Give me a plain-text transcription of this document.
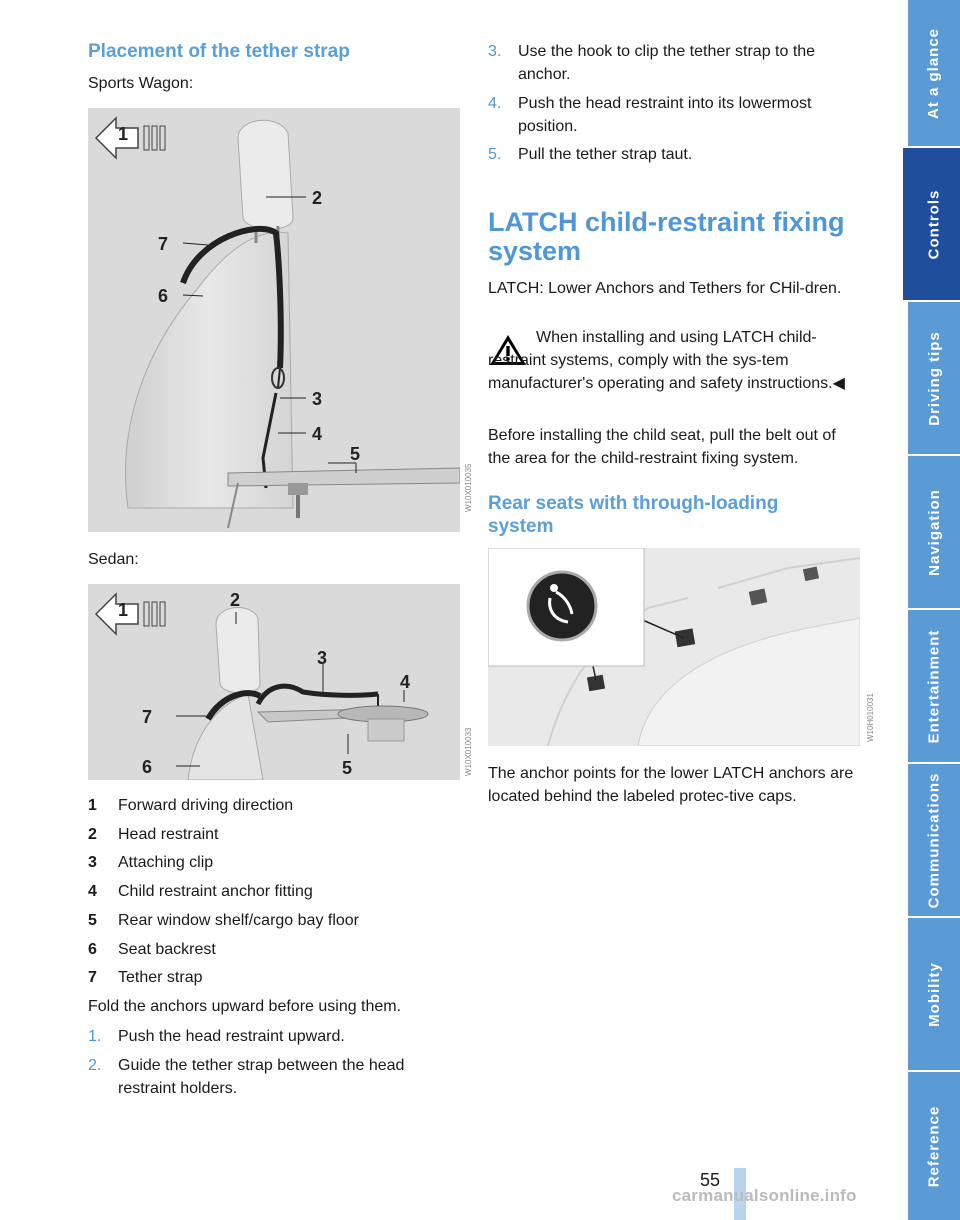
Placement of the tether strap
Sports Wagon:
1
2
3
4
5
6
7
W10X010035
Sedan:
1	2
3
4
5
6
7
W10X010033
1 Forward driving direction
2 Head restraint
3 Attaching clip
4 Child restraint anchor fitting
5 Rear window shelf/cargo bay floor
6 Seat backrest
7 Tether strap
Fold the anchors upward before using them.
1. Push the head restraint upward.
2. Guide the tether strap between the head restraint holders.
3. Use the hook to clip the tether strap to the anchor.
4. Push the head restraint into its lowermost position.
5. Pull the tether strap taut.
LATCH child-restraint fixing system
LATCH: Lower Anchors and Tethers for CHil-dren.
When installing and using LATCH child-restraint systems, comply with the sys-tem manufacturer's operating and safety instructions.◀
Before installing the child seat, pull the belt out of the area for the child-restraint fixing system.
Rear seats with through-loading system
W10H010031
The anchor points for the lower LATCH anchors are located behind the labeled protec-tive caps.
At a glance
Controls
Driving tips
Navigation
Entertainment
Communications
Mobility
Reference
55
carmanualsonline.info
